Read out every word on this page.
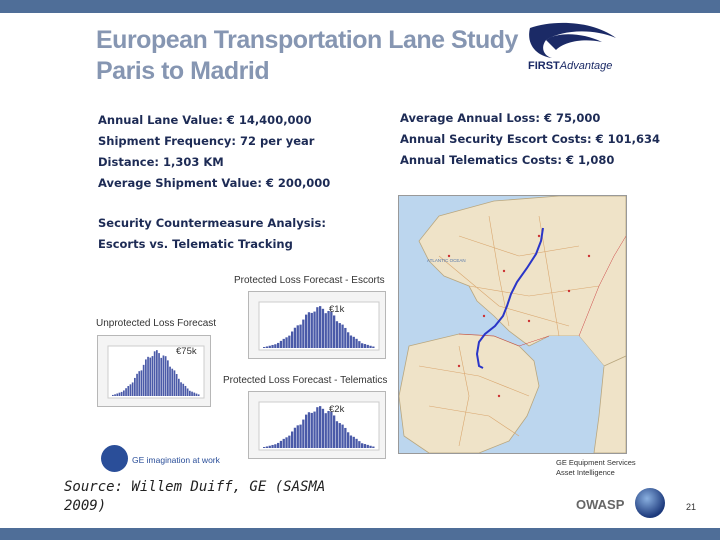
European Transportation Lane Study
Paris to Madrid	FIRSTAdvantage
Annual Lane Value: € 14,400,000
Shipment Frequency: 72 per year
Distance: 1,303 KM
Average Shipment Value: € 200,000
Average Annual Loss: € 75,000
Annual Security Escort Costs: € 101,634
Annual Telematics Costs: € 1,080
Security Countermeasure Analysis:
Escorts vs. Telematic Tracking
Protected Loss Forecast - Escorts
€1k
Unprotected Loss Forecast
€75k
Protected Loss Forecast - Telematics
€2k
ATLANTIC OCEAN
GE imagination at work
Source: Willem Duiff, GE (SASMA
2009)
GE Equipment Services
Asset Intelligence
OWASP	21
